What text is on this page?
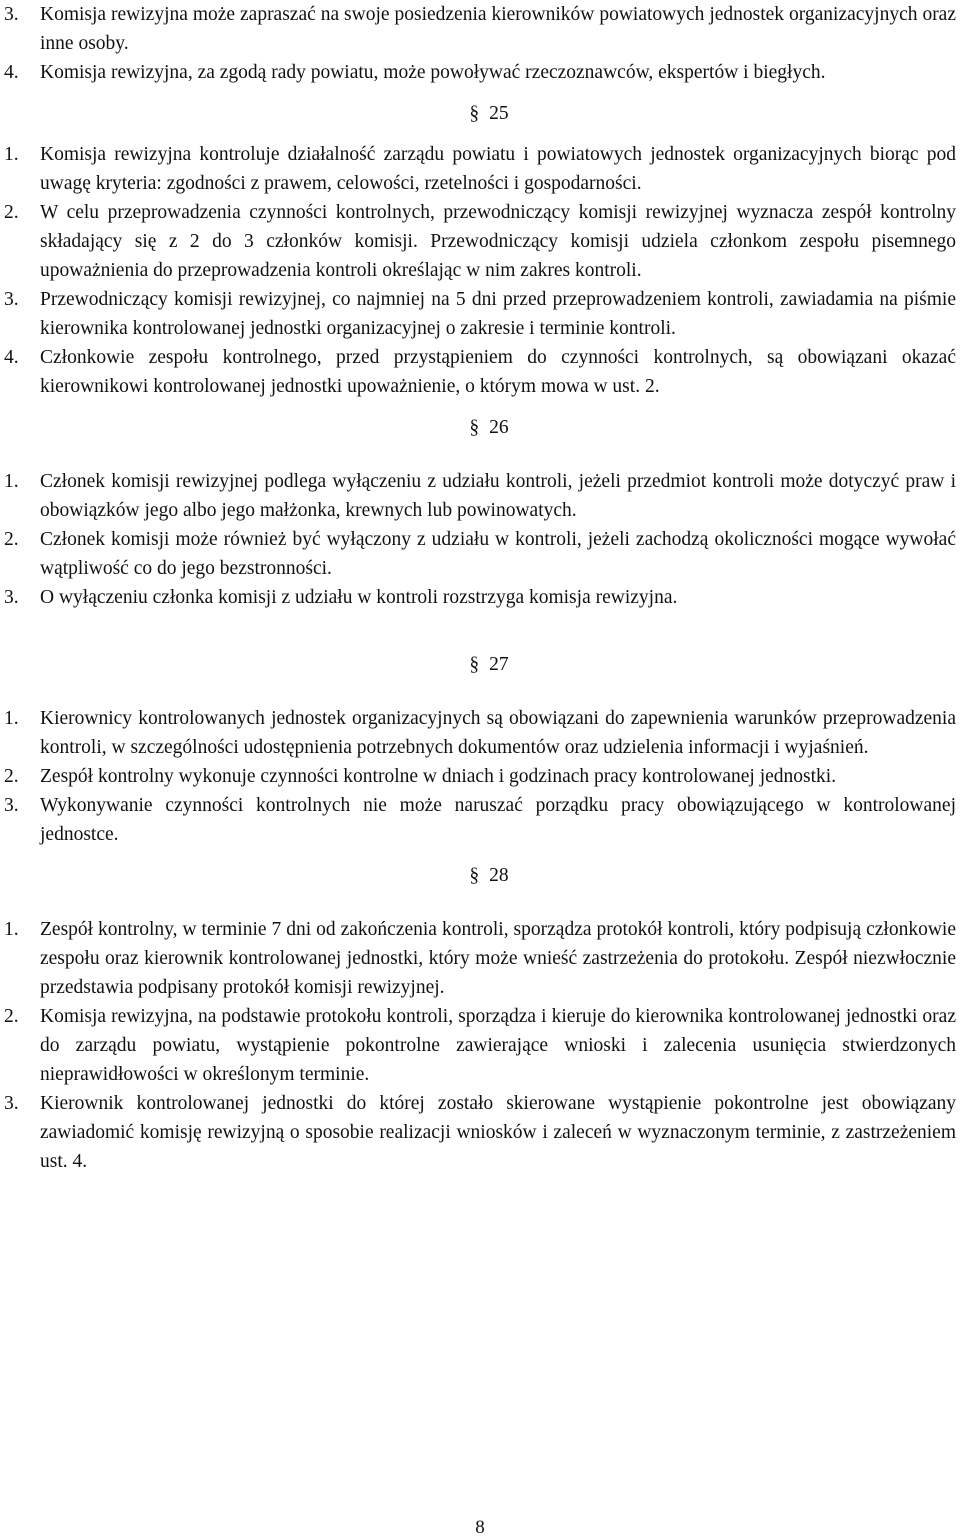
3. Komisja rewizyjna może zapraszać na swoje posiedzenia kierowników powiatowych jednostek organizacyjnych oraz inne osoby.
4. Komisja rewizyjna, za zgodą rady powiatu, może powoływać rzeczoznawców, ekspertów i biegłych.
§ 25
1. Komisja rewizyjna kontroluje działalność zarządu powiatu i powiatowych jednostek organizacyjnych biorąc pod uwagę kryteria: zgodności z prawem, celowości, rzetelności i gospodarności.
2. W celu przeprowadzenia czynności kontrolnych, przewodniczący komisji rewizyjnej wyznacza zespół kontrolny składający się z 2 do 3 członków komisji. Przewodniczący komisji udziela członkom zespołu pisemnego upoważnienia do przeprowadzenia kontroli określając w nim zakres kontroli.
3. Przewodniczący komisji rewizyjnej, co najmniej na 5 dni przed przeprowadzeniem kontroli, zawiadamia na piśmie kierownika kontrolowanej jednostki organizacyjnej o zakresie i terminie kontroli.
4. Członkowie zespołu kontrolnego, przed przystąpieniem do czynności kontrolnych, są obowiązani okazać kierownikowi kontrolowanej jednostki upoważnienie, o którym mowa w ust. 2.
§ 26
1. Członek komisji rewizyjnej podlega wyłączeniu z udziału kontroli, jeżeli przedmiot kontroli może dotyczyć praw i obowiązków jego albo jego małżonka, krewnych lub powinowatych.
2. Członek komisji może również być wyłączony z udziału w kontroli, jeżeli zachodzą okoliczności mogące wywołać wątpliwość co do jego bezstronności.
3. O wyłączeniu członka komisji z udziału w kontroli rozstrzyga komisja rewizyjna.
§ 27
1. Kierownicy kontrolowanych jednostek organizacyjnych są obowiązani do zapewnienia warunków przeprowadzenia kontroli, w szczególności udostępnienia potrzebnych dokumentów oraz udzielenia informacji i wyjaśnień.
2. Zespół kontrolny wykonuje czynności kontrolne w dniach i godzinach pracy kontrolowanej jednostki.
3. Wykonywanie czynności kontrolnych nie może naruszać porządku pracy obowiązującego w kontrolowanej jednostce.
§ 28
1. Zespół kontrolny, w terminie 7 dni od zakończenia kontroli, sporządza protokół kontroli, który podpisują członkowie zespołu oraz kierownik kontrolowanej jednostki, który może wnieść zastrzeżenia do protokołu. Zespół niezwłocznie przedstawia podpisany protokół komisji rewizyjnej.
2. Komisja rewizyjna, na podstawie protokołu kontroli, sporządza i kieruje do kierownika kontrolowanej jednostki oraz do zarządu powiatu, wystąpienie pokontrolne zawierające wnioski i zalecenia usunięcia stwierdzonych nieprawidłowości w określonym terminie.
3. Kierownik kontrolowanej jednostki do której zostało skierowane wystąpienie pokontrolne jest obowiązany zawiadomić komisję rewizyjną o sposobie realizacji wniosków i zaleceń w wyznaczonym terminie, z zastrzeżeniem ust. 4.
8
